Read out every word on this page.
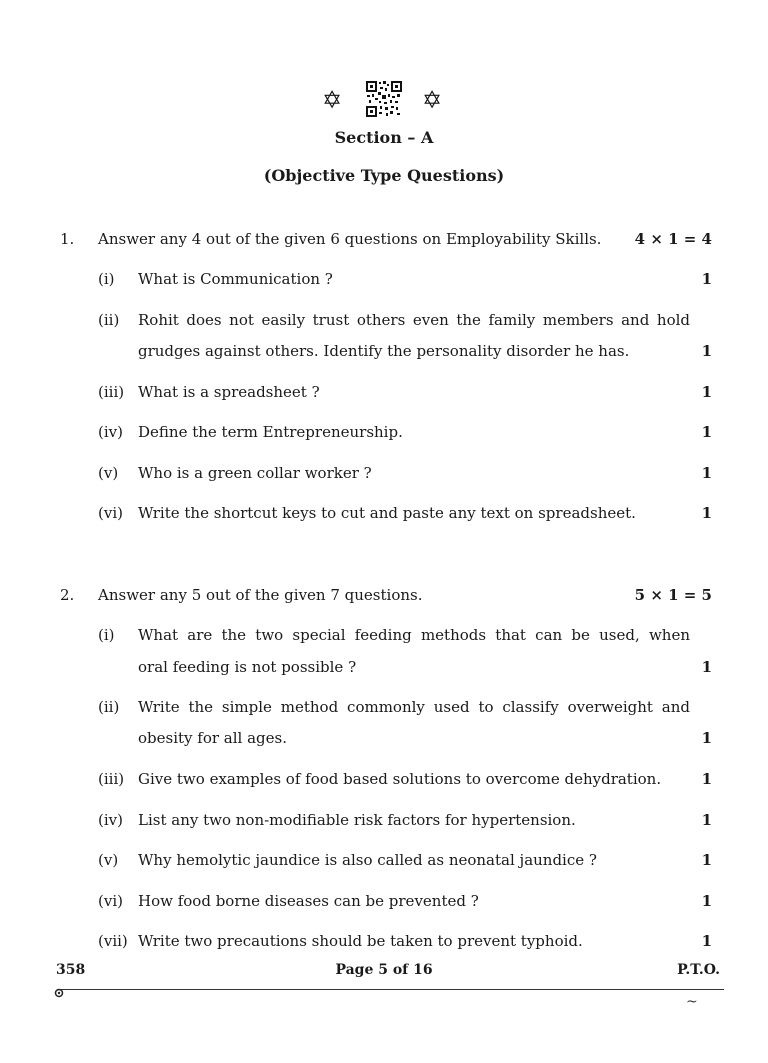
✡	✡
Section – A
(Objective Type Questions)
1. Answer any 4 out of the given 6 questions on Employability Skills. 4 × 1 = 4
(i) What is Communication ?	1
(ii) Rohit does not easily trust others even the family members and hold
grudges against others. Identify the personality disorder he has.	1
(iii) What is a spreadsheet ?	1
(iv) Define the term Entrepreneurship.	1
(v) Who is a green collar worker ?	1
(vi) Write the shortcut keys to cut and paste any text on spreadsheet.	1
2. Answer any 5 out of the given 7 questions.	5 × 1 = 5
(i) What are the two special feeding methods that can be used, when
oral feeding is not possible ?	1
(ii) Write the simple method commonly used to classify overweight and
obesity for all ages.	1
(iii) Give two examples of food based solutions to overcome dehydration.	1
(iv) List any two non-modifiable risk factors for hypertension.	1
(v) Why hemolytic jaundice is also called as neonatal jaundice ?	1
(vi) How food borne diseases can be prevented ?	1
(vii) Write two precautions should be taken to prevent typhoid.	1
358	Page 5 of 16	P.T.O.
~
